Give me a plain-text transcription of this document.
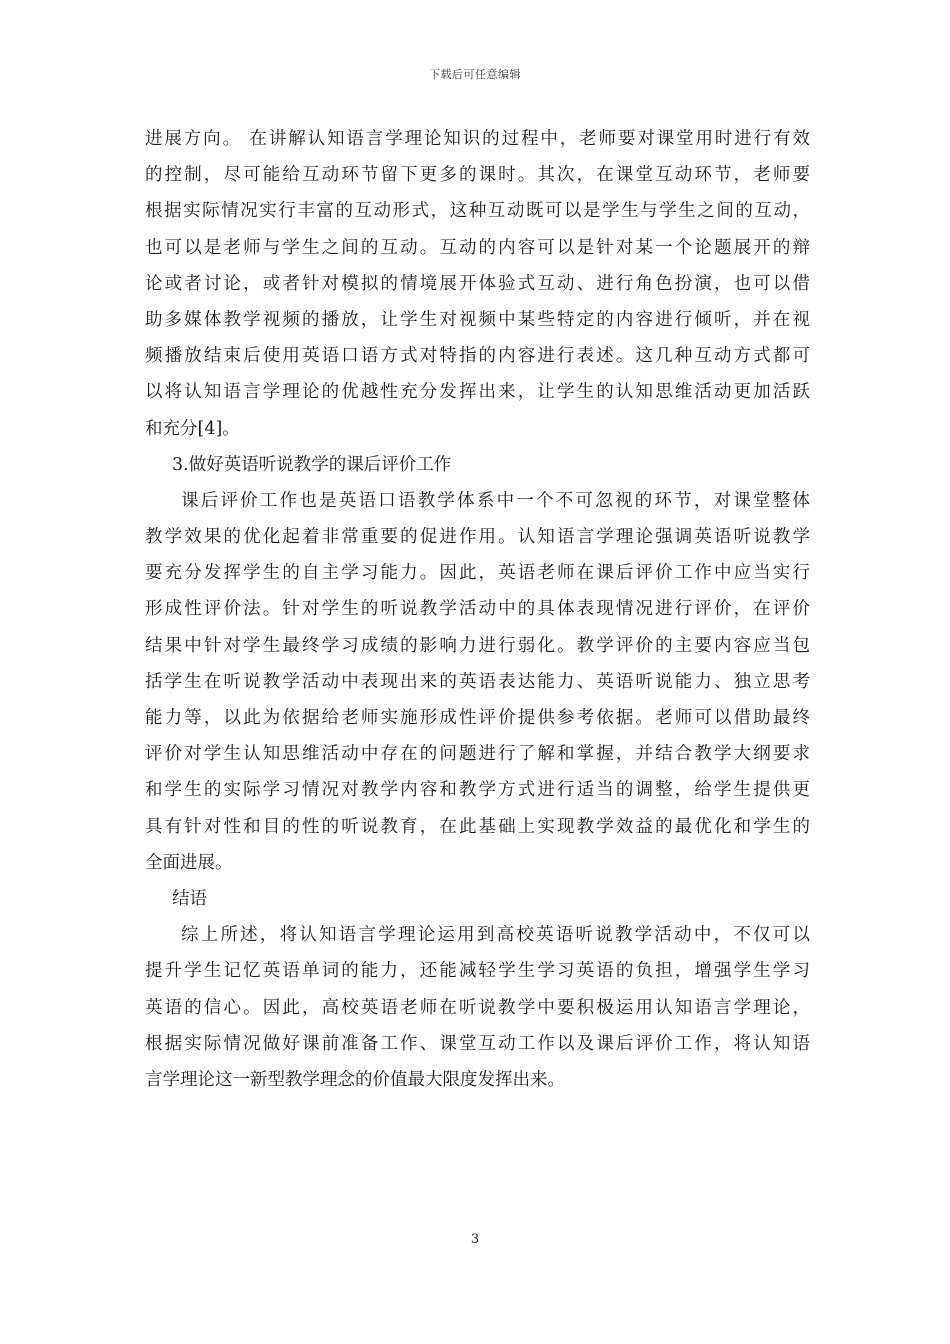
下载后可任意编辑
进展方向。 在讲解认知语言学理论知识的过程中，老师要对课堂用时进行有效
的控制，尽可能给互动环节留下更多的课时。其次，在课堂互动环节，老师要
根据实际情况实行丰富的互动形式，这种互动既可以是学生与学生之间的互动，
也可以是老师与学生之间的互动。互动的内容可以是针对某一个论题展开的辩
论或者讨论，或者针对模拟的情境展开体验式互动、进行角色扮演，也可以借
助多媒体教学视频的播放，让学生对视频中某些特定的内容进行倾听，并在视
频播放结束后使用英语口语方式对特指的内容进行表述。这几种互动方式都可
以将认知语言学理论的优越性充分发挥出来，让学生的认知思维活动更加活跃
和充分[4]。
3.做好英语听说教学的课后评价工作
课后评价工作也是英语口语教学体系中一个不可忽视的环节，对课堂整体
教学效果的优化起着非常重要的促进作用。认知语言学理论强调英语听说教学
要充分发挥学生的自主学习能力。因此，英语老师在课后评价工作中应当实行
形成性评价法。针对学生的听说教学活动中的具体表现情况进行评价，在评价
结果中针对学生最终学习成绩的影响力进行弱化。教学评价的主要内容应当包
括学生在听说教学活动中表现出来的英语表达能力、英语听说能力、独立思考
能力等，以此为依据给老师实施形成性评价提供参考依据。老师可以借助最终
评价对学生认知思维活动中存在的问题进行了解和掌握，并结合教学大纲要求
和学生的实际学习情况对教学内容和教学方式进行适当的调整，给学生提供更
具有针对性和目的性的听说教育，在此基础上实现教学效益的最优化和学生的
全面进展。
结语
综上所述，将认知语言学理论运用到高校英语听说教学活动中，不仅可以
提升学生记忆英语单词的能力，还能减轻学生学习英语的负担，增强学生学习
英语的信心。因此，高校英语老师在听说教学中要积极运用认知语言学理论，
根据实际情况做好课前准备工作、课堂互动工作以及课后评价工作，将认知语
言学理论这一新型教学理念的价值最大限度发挥出来。
3
